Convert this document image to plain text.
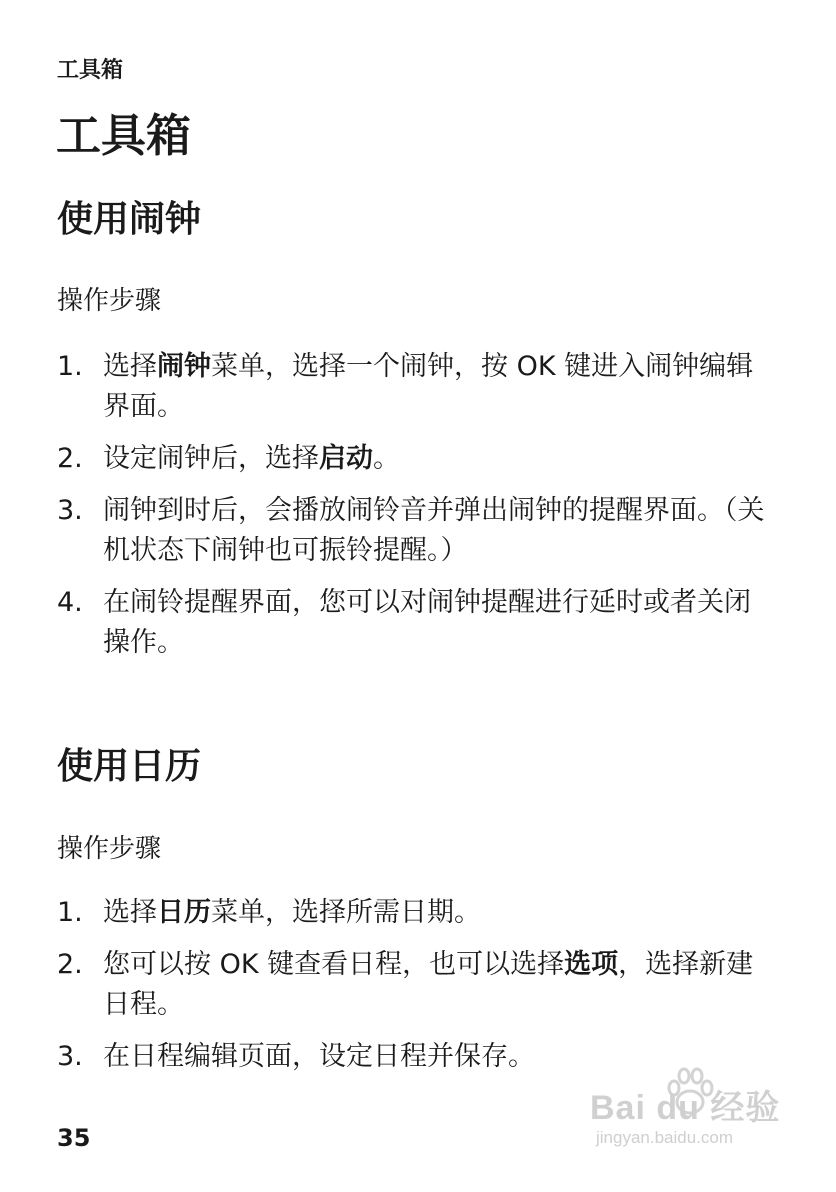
工具箱
工具箱
使用闹钟
操作步骤
1. 选择闹钟菜单，选择一个闹钟，按 OK 键进入闹钟编辑界面。
2. 设定闹钟后，选择启动。
3. 闹钟到时后，会播放闹铃音并弹出闹钟的提醒界面。（关机状态下闹钟也可振铃提醒。）
4. 在闹铃提醒界面，您可以对闹钟提醒进行延时或者关闭操作。
使用日历
操作步骤
1. 选择日历菜单，选择所需日期。
2. 您可以按 OK 键查看日程，也可以选择选项，选择新建日程。
3. 在日程编辑页面，设定日程并保存。
35
Bai du 经验
jingyan.baidu.com
